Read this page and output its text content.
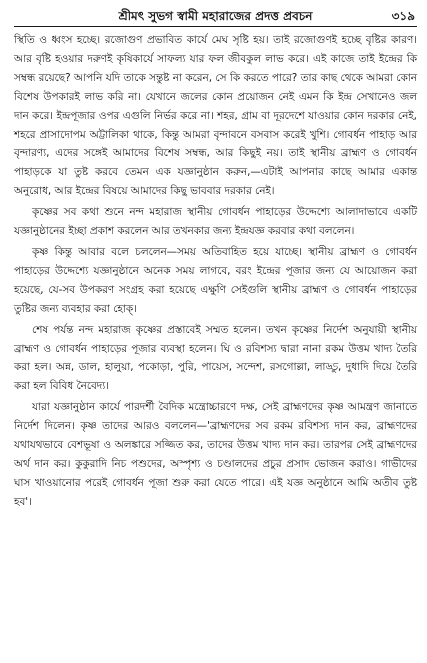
শ্রীমৎ সুভগ স্বামী মহারাজের প্রদত্ত প্রবচন	৩১৯

স্থিতি ও ধ্বংস হচ্ছে। রজোগুণ প্রভাবিত কার্যে মেঘ সৃষ্টি হয়। তাই রজোগুণই হচ্ছে বৃষ্টির কারণ। আর বৃষ্টি হওয়ার দরুণই কৃষিকার্যে সাফল্য যার ফল জীবকুল লাভ করে। এই কাজে তাই ইন্দ্রের কি সম্বন্ধ রয়েছে? আপনি যদি তাকে সন্তুষ্ট না করেন, সে কি করতে পারে? তার কাছ থেকে আমরা কোন বিশেষ উপকারই লাভ করি না। যেখানে জলের কোন প্রয়োজন নেই এমন কি ইন্দ্র সেখানেও জল দান করে। ইন্দ্রপূজার ওপর এগুলি নির্ভর করে না। শহর, গ্রাম বা দূরদেশে যাওয়ার কোন দরকার নেই, শহরে প্রাসাদোপম অট্টালিকা থাকে, কিন্তু আমরা বৃন্দাবনে বসবাস করেই খুশি। গোবর্ধন পাহাড় আর বৃন্দারণ্য, এদের সঙ্গেই আমাদের বিশেষ সম্বন্ধ, আর কিছুই নয়। তাই স্থানীয় ব্রাহ্মণ ও গোবর্ধন পাহাড়কে যা তুষ্ট করবে তেমন এক যজ্ঞানুষ্ঠান করুন,—এটাই আপনার কাছে আমার একান্ত অনুরোধ, আর ইন্দ্রের বিষয়ে আমাদের কিছু ভাববার দরকার নেই।

কৃষ্ণের সব কথা শুনে নন্দ মহারাজ স্থানীয় গোবর্ধন পাহাড়ের উদ্দেশ্যে আলাদাভাবে একটি যজ্ঞানুষ্ঠানের ইচ্ছা প্রকাশ করলেন আর তখনকার জন্য ইন্দ্রযজ্ঞ করবার কথা বললেন।

কৃষ্ণ কিন্তু আবার বলে চললেন—সময় অতিবাহিত হয়ে যাচ্ছে। স্থানীয় ব্রাহ্মণ ও গোবর্ধন পাহাড়ের উদ্দেশ্যে যজ্ঞানুষ্ঠানে অনেক সময় লাগবে, বরং ইন্দ্রের পূজার জন্য যে আয়োজন করা হয়েছে, যে-সব উপকরণ সংগ্রহ করা হয়েছে এক্ষুণি সেইগুলি স্থানীয় ব্রাহ্মণ ও গোবর্ধন পাহাড়ের তুষ্টির জন্য ব্যবহার করা হোক্।

শেষ পর্যন্ত নন্দ মহারাজ কৃষ্ণের প্রস্তাবেই সম্মত হলেন। তখন কৃষ্ণের নির্দেশ অনুযায়ী স্থানীয় ব্রাহ্মণ ও গোবর্ধন পাহাড়ের পূজার ব্যবস্থা হলেন। ঘি ও রবিশস্য দ্বারা নানা রকম উত্তম খাদ্য তৈরি করা হল। অন্ন, ডাল, হালুয়া, পকোড়া, পুরি, পায়েস, সন্দেশ, রসগোল্লা, লাড্ডু, দুধাদি দিয়ে তৈরি করা হল বিবিধ নৈবেদ্য।

যারা যজ্ঞানুষ্ঠান কার্যে পারদর্শী বৈদিক মন্ত্রোচ্চারণে দক্ষ, সেই ব্রাহ্মণদের কৃষ্ণ আমন্ত্রণ জানাতে নির্দেশ দিলেন। কৃষ্ণ তাদের আরও বললেন—'ব্রাহ্মণদের সব রকম রবিশস্য দান কর, ব্রাহ্মণদের যথাযথভাবে বেশভূষা ও অলঙ্কারে সজ্জিত কর, তাদের উত্তম খাদ্য দান কর। তারপর সেই ব্রাহ্মণদের অর্থ দান কর। কুকুরাদি নিচ পশুদের, অস্পৃশ্য ও চণ্ডালদের প্রচুর প্রসাদ ভোজন করাও। গাভীদের ঘাস খাওয়ানোর পরেই গোবর্ধন পূজা শুরু করা যেতে পারে। এই যজ্ঞ অনুষ্ঠানে আমি অতীব তুষ্ট হব'।
